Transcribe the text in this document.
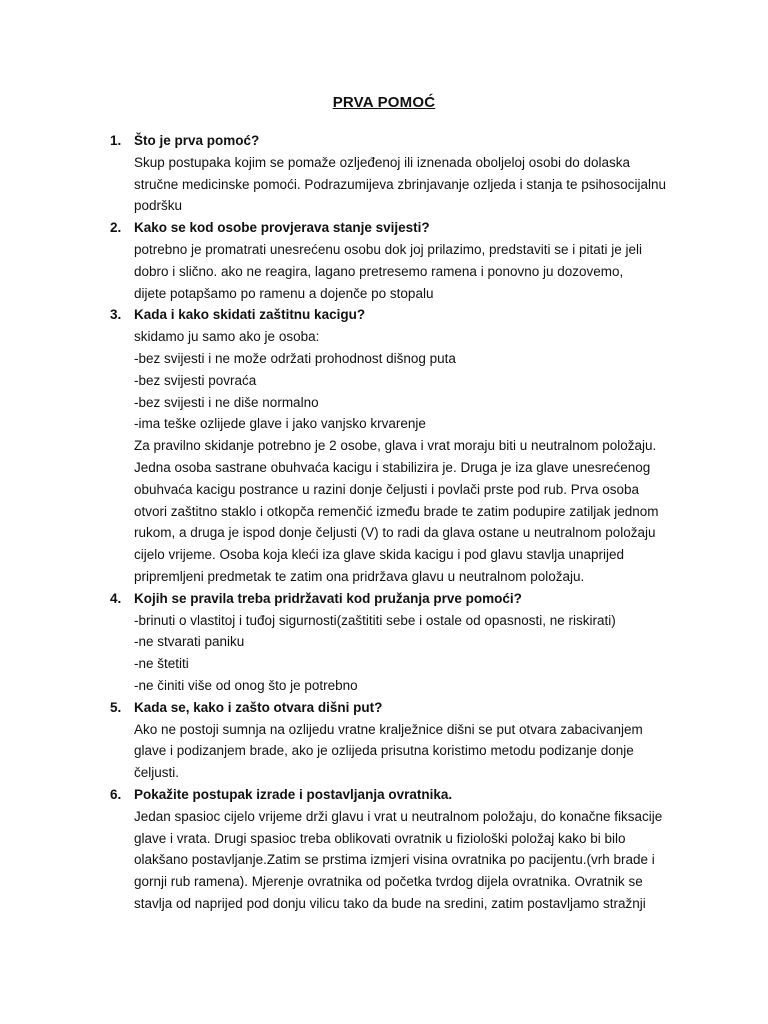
PRVA POMOĆ
1. Što je prva pomoć?
Skup postupaka kojim se pomaže ozljeđenoj ili iznenada oboljeloj osobi do dolaska
stručne medicinske pomoći. Podrazumijeva zbrinjavanje ozljeda i stanja te psihosocijalnu
podršku
2. Kako se kod osobe provjerava stanje svijesti?
potrebno je promatrati unesrećenu osobu dok joj prilazimo, predstaviti se i pitati je jeli
dobro i slično. ako ne reagira, lagano pretresemo ramena i ponovno ju dozovemo,
dijete potapšamo po ramenu a dojenče po stopalu
3. Kada i kako skidati zaštitnu kacigu?
skidamo ju samo ako je osoba:
-bez svijesti i ne može održati prohodnost dišnog puta
-bez svijesti povraća
-bez svijesti i ne diše normalno
-ima teške ozlijede glave i jako vanjsko krvarenje
Za pravilno skidanje potrebno je 2 osobe, glava i vrat moraju biti u neutralnom položaju.
Jedna osoba sastrane obuhvaća kacigu i stabilizira je. Druga je iza glave unesrećenog
obuhvaća kacigu postrance u razini donje čeljusti i povlači prste pod rub. Prva osoba
otvori zaštitno staklo i otkopča remenčić između brade te zatim podupire zatiljak jednom
rukom, a druga je ispod donje čeljusti (V) to radi da glava ostane u neutralnom položaju
cijelo vrijeme. Osoba koja kleći iza glave skida kacigu i pod glavu stavlja unaprijed
pripremljeni predmetak te zatim ona pridržava glavu u neutralnom položaju.
4. Kojih se pravila treba pridržavati kod pružanja prve pomoći?
-brinuti o vlastitoj i tuđoj sigurnosti(zaštititi sebe i ostale od opasnosti, ne riskirati)
-ne stvarati paniku
-ne štetiti
-ne činiti više od onog što je potrebno
5. Kada se, kako i zašto otvara dišni put?
Ako ne postoji sumnja na ozlijedu vratne kralježnice dišni se put otvara zabacivanjem
glave i podizanjem brade, ako je ozlijeda prisutna koristimo metodu podizanje donje
čeljusti.
6. Pokažite postupak izrade i postavljanja ovratnika.
Jedan spasioc cijelo vrijeme drži glavu i vrat u neutralnom položaju, do konačne fiksacije
glave i vrata. Drugi spasioc treba oblikovati ovratnik u fiziološki položaj kako bi bilo
olakšano postavljanje.Zatim se prstima izmjeri visina ovratnika po pacijentu.(vrh brade i
gornji rub ramena). Mjerenje ovratnika od početka tvrdog dijela ovratnika. Ovratnik se
stavlja od naprijed pod donju vilicu tako da bude na sredini, zatim postavljamo stražnji
